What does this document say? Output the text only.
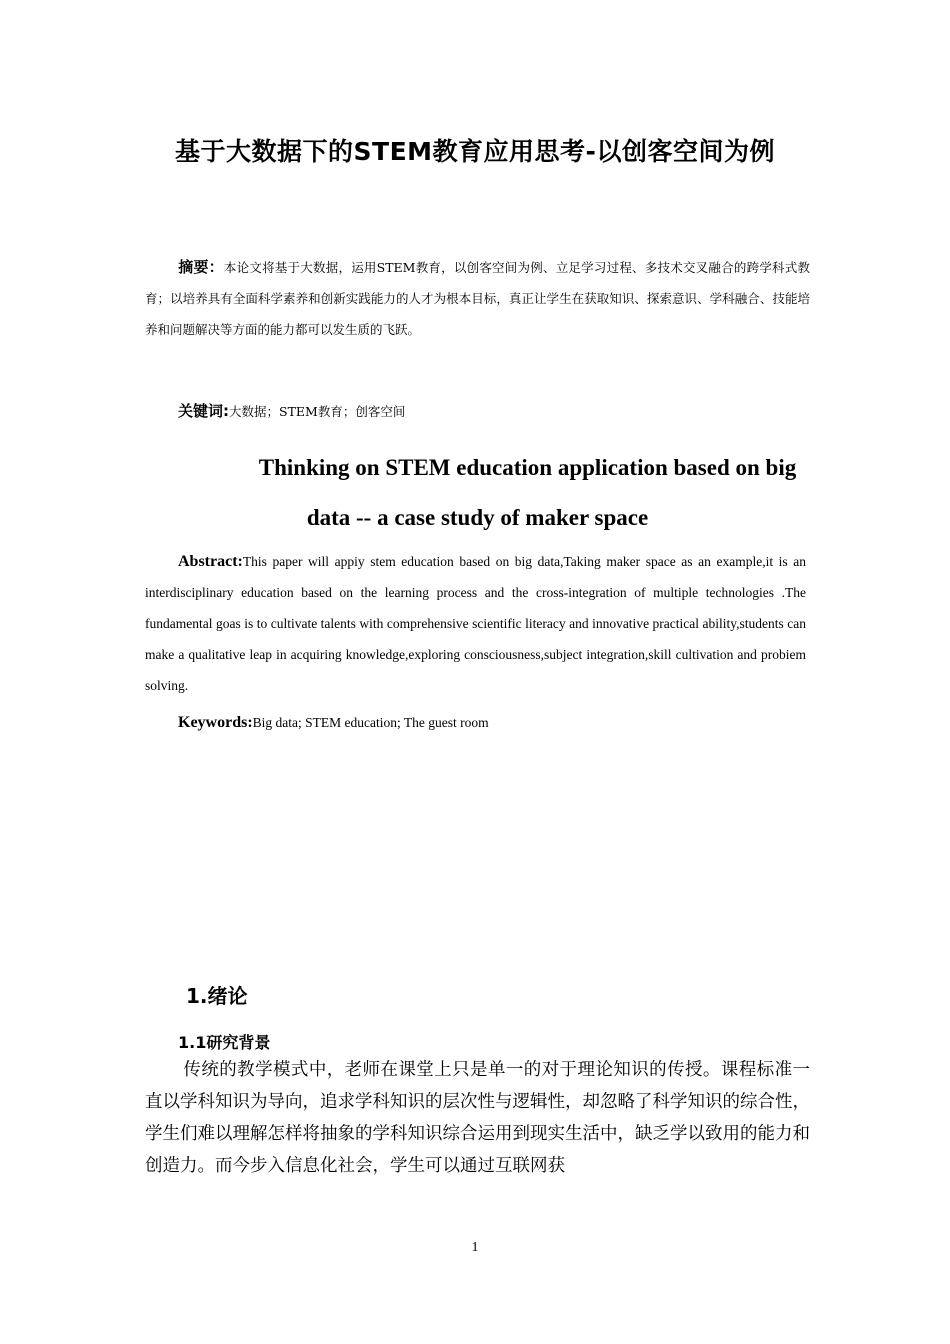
基于大数据下的STEM教育应用思考-以创客空间为例
摘要：本论文将基于大数据，运用STEM教育，以创客空间为例、立足学习过程、多技术交叉融合的跨学科式教育；以培养具有全面科学素养和创新实践能力的人才为根本目标，真正让学生在获取知识、探索意识、学科融合、技能培养和问题解决等方面的能力都可以发生质的飞跃。
关键词:大数据；STEM教育；创客空间
Thinking on STEM education application based on big
data -- a case study of maker space
Abstract:This paper will appiy stem education based on big data,Taking maker space as an example,it is an interdisciplinary education based on the learning process and the cross-integration of multiple technologies .The fundamental goas is to cultivate talents with comprehensive scientific literacy and innovative practical ability,students can make a qualitative leap in acquiring knowledge,exploring consciousness,subject integration,skill cultivation and probiem solving.
Keywords:Big data; STEM education; The guest room
1.绪论
1.1研究背景
传统的教学模式中，老师在课堂上只是单一的对于理论知识的传授。课程标准一直以学科知识为导向，追求学科知识的层次性与逻辑性，却忽略了科学知识的综合性，学生们难以理解怎样将抽象的学科知识综合运用到现实生活中，缺乏学以致用的能力和创造力。而今步入信息化社会，学生可以通过互联网获
1
